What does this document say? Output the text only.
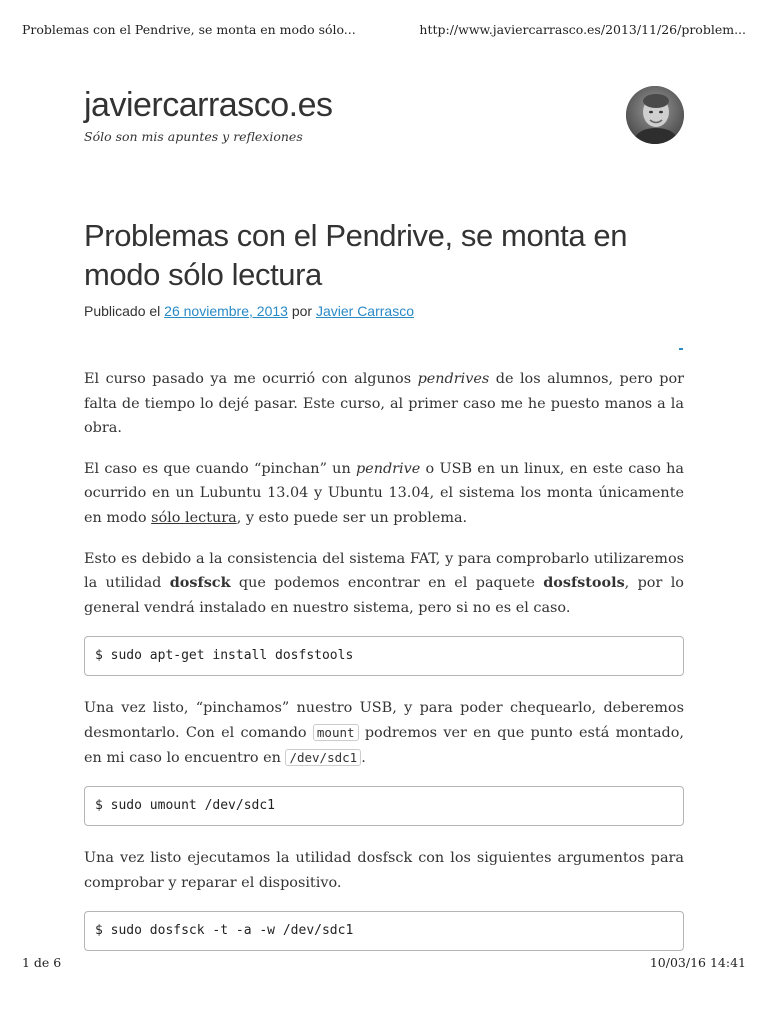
Problemas con el Pendrive, se monta en modo sólo...	http://www.javiercarrasco.es/2013/11/26/problem...
javiercarrasco.es
Sólo son mis apuntes y reflexiones
Problemas con el Pendrive, se monta en modo sólo lectura
Publicado el 26 noviembre, 2013 por Javier Carrasco

El curso pasado ya me ocurrió con algunos pendrives de los alumnos, pero por falta de tiempo lo dejé pasar. Este curso, al primer caso me he puesto manos a la obra.

El caso es que cuando “pinchan” un pendrive o USB en un linux, en este caso ha ocurrido en un Lubuntu 13.04 y Ubuntu 13.04, el sistema los monta únicamente en modo sólo lectura, y esto puede ser un problema.

Esto es debido a la consistencia del sistema FAT, y para comprobarlo utilizaremos la utilidad dosfsck que podemos encontrar en el paquete dosfstools, por lo general vendrá instalado en nuestro sistema, pero si no es el caso.

$ sudo apt-get install dosfstools

Una vez listo, “pinchamos” nuestro USB, y para poder chequearlo, deberemos desmontarlo. Con el comando mount podremos ver en que punto está montado, en mi caso lo encuentro en /dev/sdc1 .

$ sudo umount /dev/sdc1

Una vez listo ejecutamos la utilidad dosfsck con los siguientes argumentos para comprobar y reparar el dispositivo.

$ sudo dosfsck -t -a -w /dev/sdc1
1 de 6	10/03/16 14:41
